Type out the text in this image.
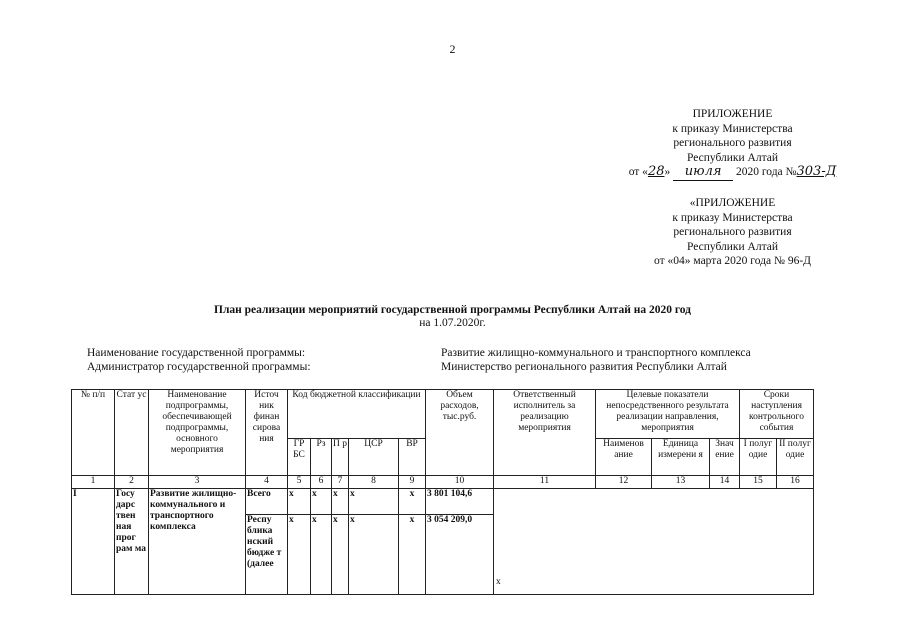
2
ПРИЛОЖЕНИЕ
к приказу Министерства
регионального развития
Республики Алтай
от «28» июля 2020 года №303-Д
«ПРИЛОЖЕНИЕ
к приказу Министерства
регионального развития
Республики Алтай
от «04» марта 2020 года № 96-Д
План реализации мероприятий государственной программы Республики Алтай на 2020 год
на 1.07.2020г.
Наименование государственной программы:	Развитие жилищно-коммунального и транспортного комплекса
Администратор государственной программы:	Министерство регионального развития Республики Алтай
№ п/п	Стат ус	Наименование подпрограммы, обеспечивающей подпрограммы, основного мероприятия	Источ ник финан сирова ния	Код бюджетной классификации					Объем расходов, тыс.руб.	Ответственный исполнитель за реализацию мероприятия	Целевые показатели непосредственного результата реализации направления, мероприятия			Сроки наступления контрольного события	
				ГР БС	Рз	П р	ЦСР	ВР			Наименов ание	Единица измерени я	Знач ение	I полуг одие	II полуг одие
1	2	3	4	5	6	7	8	9	10	11	12	13	14	15	16
I	Госу дарс твен ная прог рам ма	Развитие жилищно-коммунального и транспортного комплекса	Всего	х	х	х	х	х	3 801 104,6	х					
			Респу блика нский бюдже т (далее	х	х	х	х	х	3 054 209,0						
